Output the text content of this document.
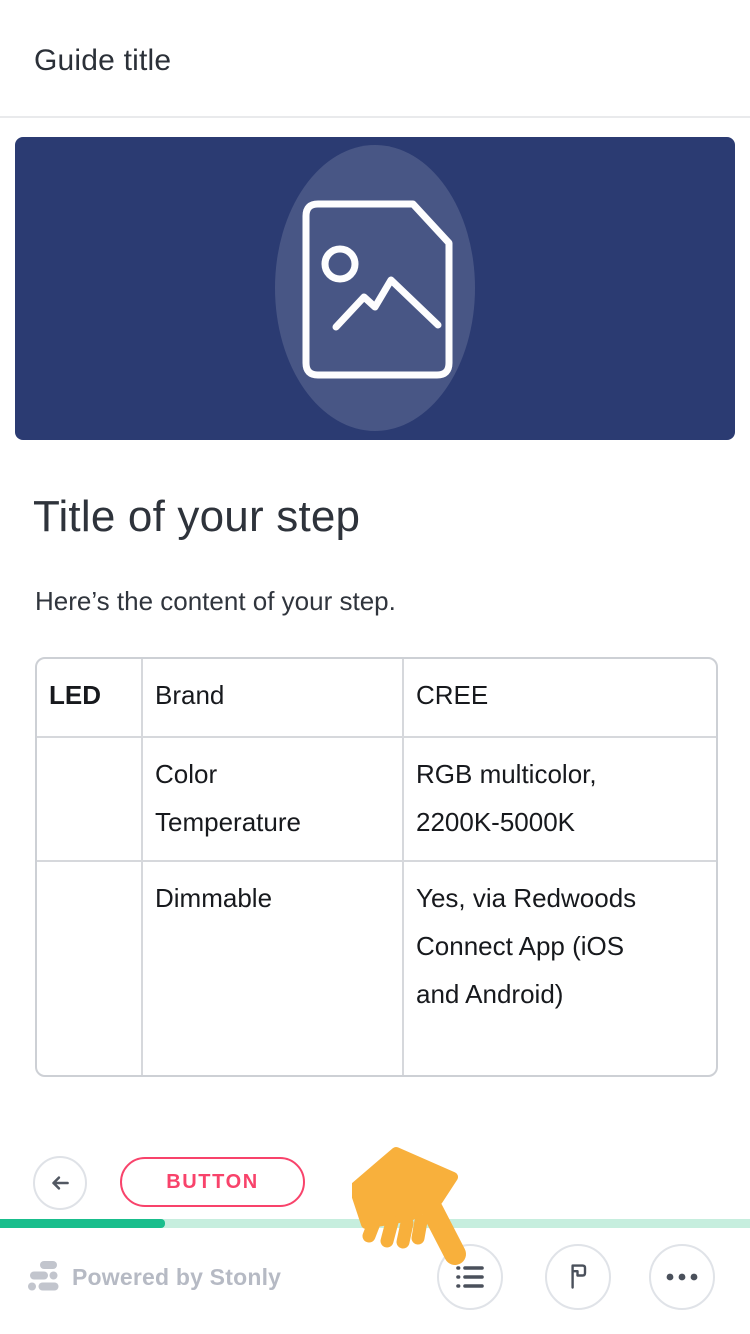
Guide title
Title of your step
Here’s the content of your step.
LED	Brand	CREE

	Color Temperature	RGB multicolor, 2200K-5000K

	Dimmable	Yes, via Redwoods Connect App (iOS and Android)
BUTTON
Powered by Stonly
